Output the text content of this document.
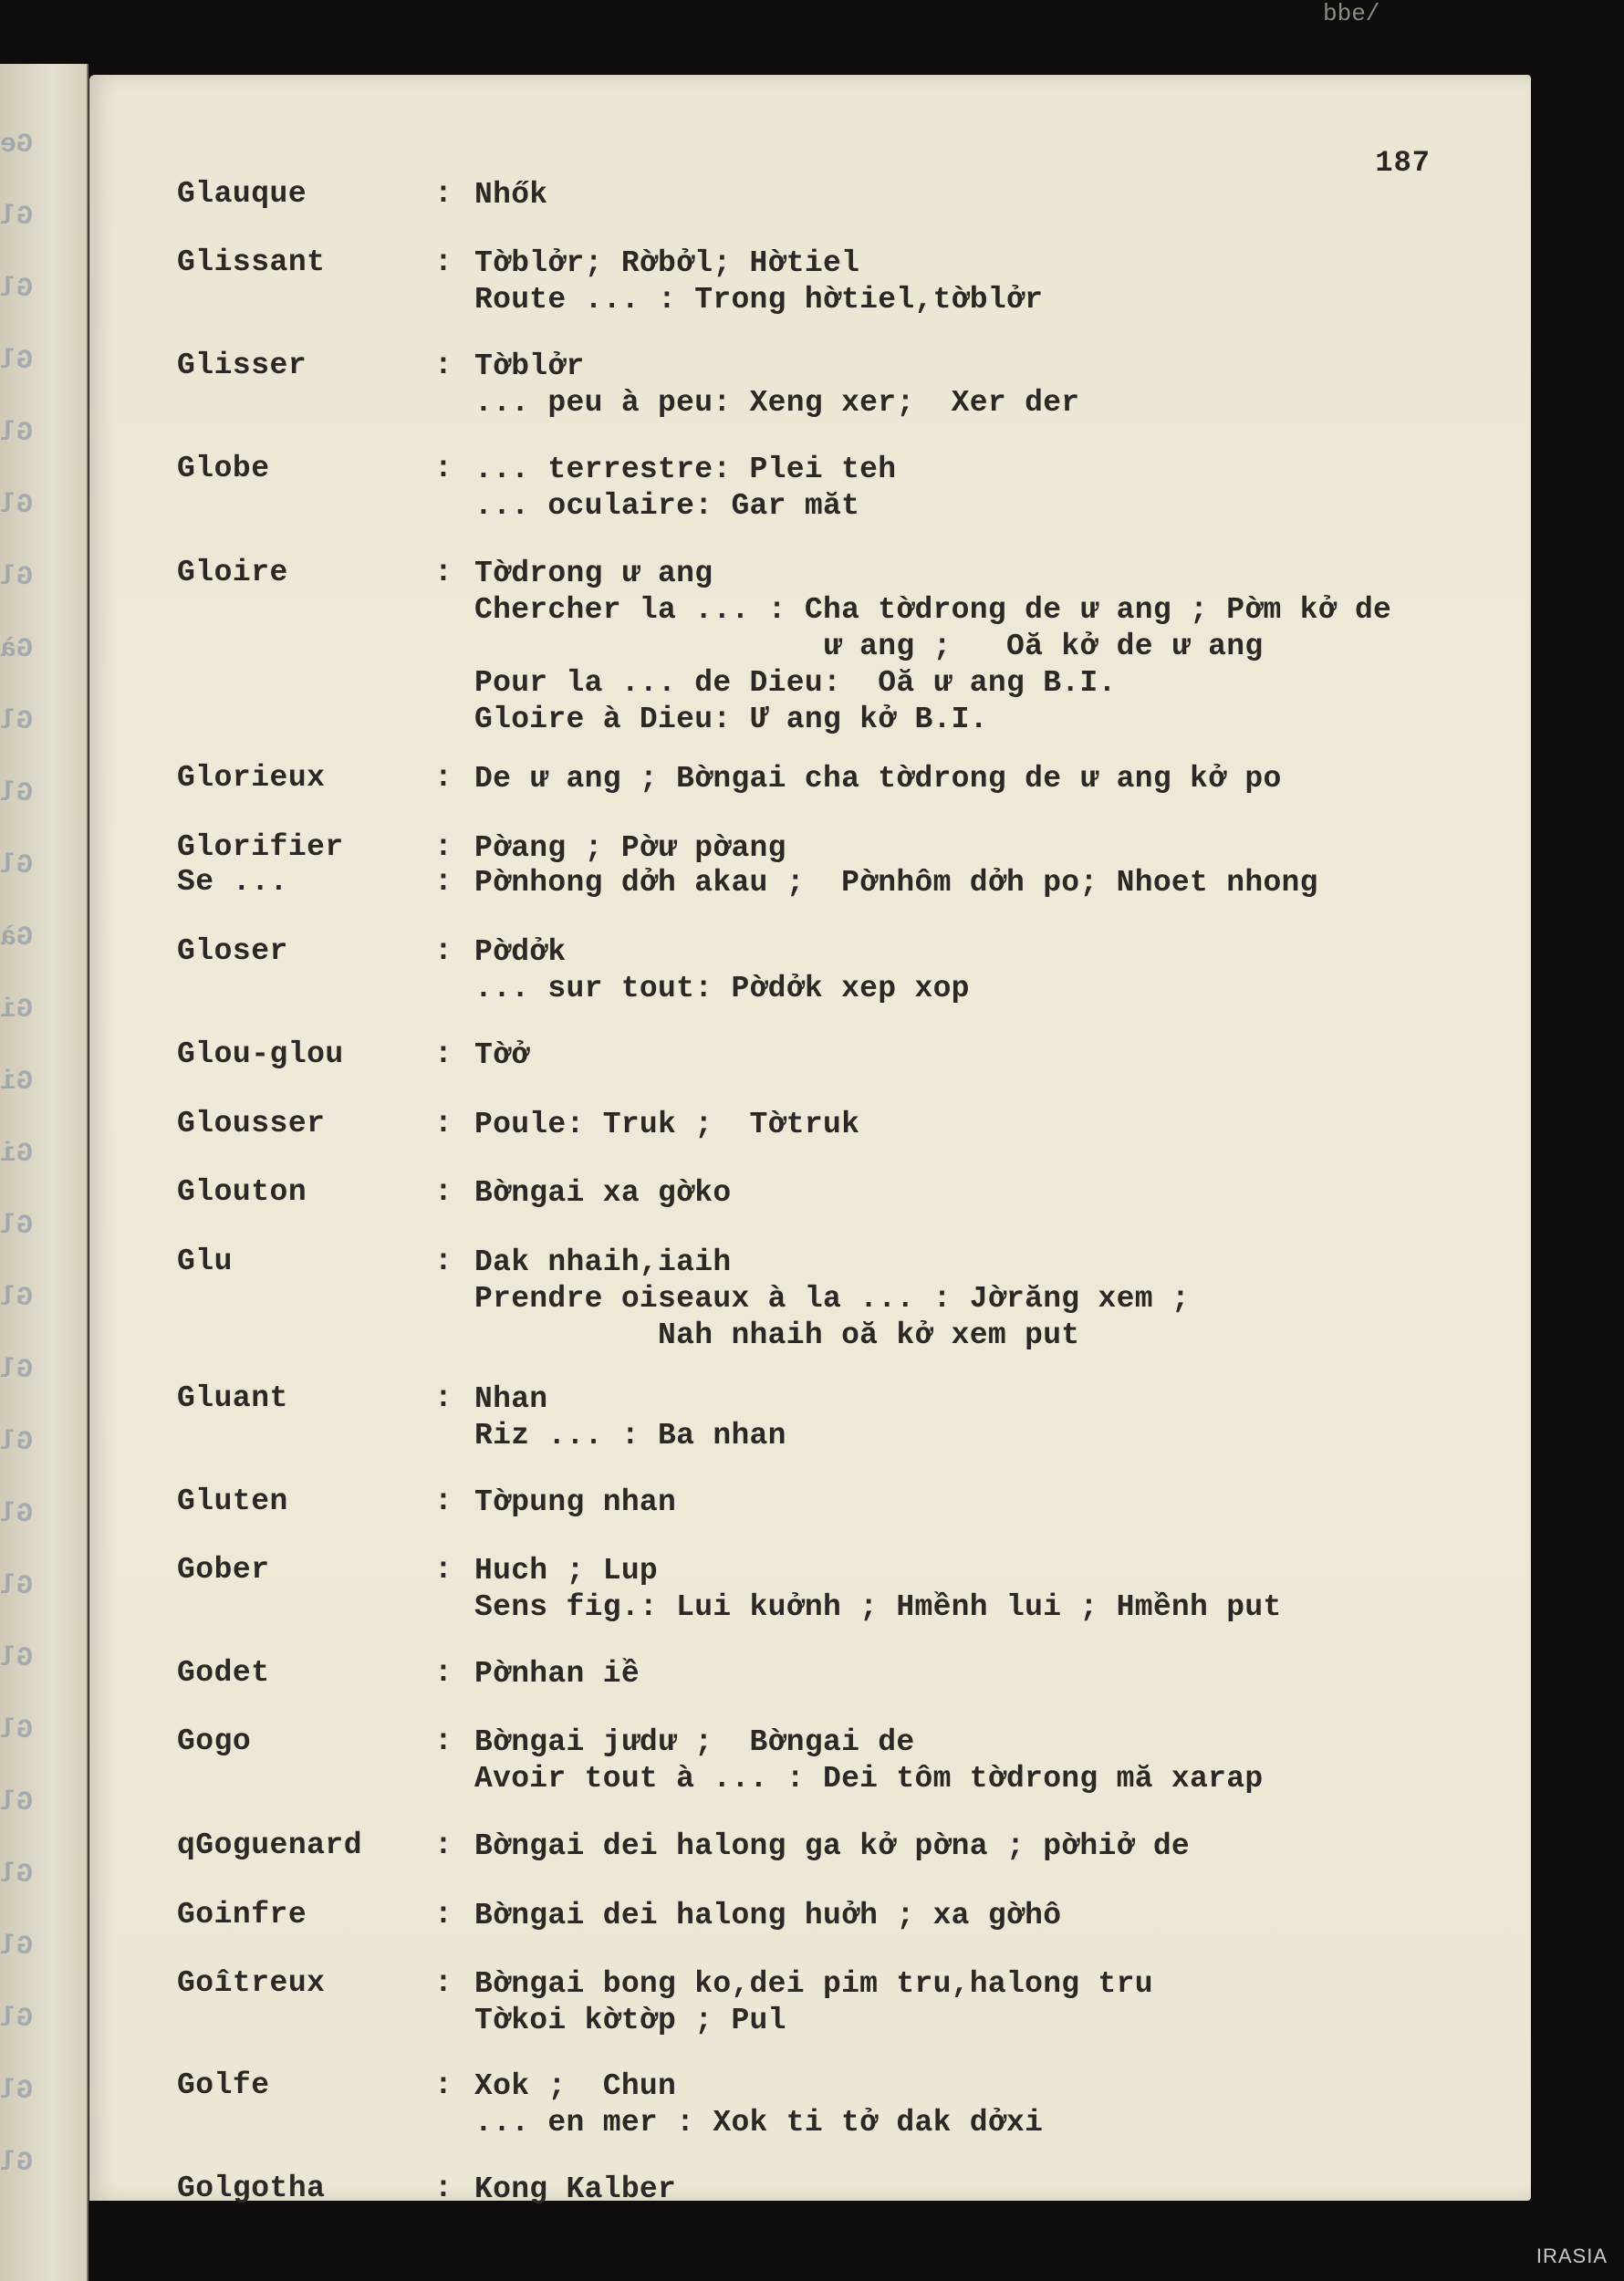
bbe/
Ge
Gl
Gl
Gl
Gl
Gl
Gl
Gà
Gl
Gl
Gl
Gà
Gi
Gi
Gi
Gl
Gl
Gl
Gl
Gl
Gl
Gl
Gl
Gl
Gl
Gl
Gl
Gl
Gl
187
Glauque	: Nhők
Glissant	: Tờblởr; Rờbởl; Hờtiel
Route ... : Trong hờtiel,tờblởr
Glisser	: Tờblởr
... peu à peu: Xeng xer;  Xer der
Globe	: ... terrestre: Plei teh
... oculaire: Gar măt
Gloire	: Tờdrong ư ang
Chercher la ... : Cha tờdrong de ư ang ; Pờm kở de
ư ang ;   Oă kở de ư ang
Pour la ... de Dieu:  Oă ư ang B.I.
Gloire à Dieu: Ư ang kở B.I.
Glorieux	: De ư ang ; Bờngai cha tờdrong de ư ang kở po
Glorifier	: Pờang ; Pờư pờang
Se ...	: Pờnhong dởh akau ;  Pờnhôm dởh po; Nhoet nhong
Gloser	: Pờdởk
... sur tout: Pờdởk xep xop
Glou-glou	: Tờở
Glousser	: Poule: Truk ;  Tờtruk
Glouton	: Bờngai xa gờko
Glu	: Dak nhaih,iaih
Prendre oiseaux à la ... : Jờrăng xem ;
Nah nhaih oă kở xem put
Gluant	: Nhan
Riz ... : Ba nhan
Gluten	: Tờpung nhan
Gober	: Huch ; Lup
Sens fig.: Lui kuởnh ; Hmềnh lui ; Hmềnh put
Godet	: Pờnhan iề
Gogo	: Bờngai jưdư ;  Bờngai de
Avoir tout à ... : Dei tôm tờdrong mă xarap
qGoguenard : Bờngai dei halong ga kở pờna ; pờhiở de
Goinfre	: Bờngai dei halong huởh ; xa gờhô
Goîtreux	: Bờngai bong ko,dei pim tru,halong tru
Tờkoi kờtờp ; Pul
Golfe	: Xok ;  Chun
... en mer : Xok ti tở dak dởxi
Golgotha	: Kong Kalber
IRASIA
